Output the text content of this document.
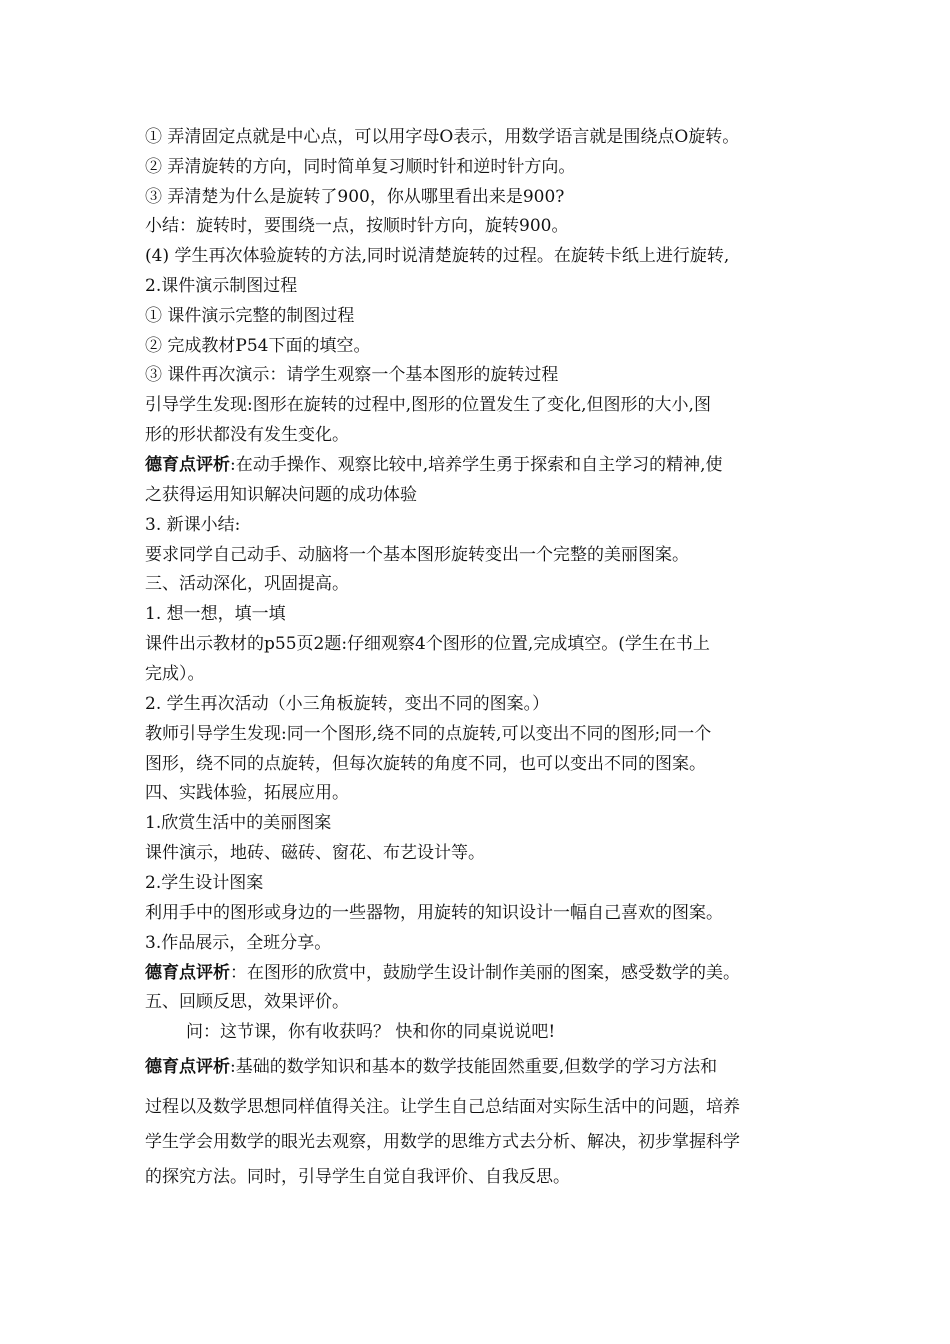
① 弄清固定点就是中心点，可以用字母O表示，用数学语言就是围绕点O旋转。
② 弄清旋转的方向，同时简单复习顺时针和逆时针方向。
③ 弄清楚为什么是旋转了900，你从哪里看出来是900?
小结：旋转时，要围绕一点，按顺时针方向，旋转900。
(4) 学生再次体验旋转的方法,同时说清楚旋转的过程。在旋转卡纸上进行旋转,
2.课件演示制图过程
① 课件演示完整的制图过程
② 完成教材P54下面的填空。
③ 课件再次演示：请学生观察一个基本图形的旋转过程
引导学生发现:图形在旋转的过程中,图形的位置发生了变化,但图形的大小,图
形的形状都没有发生变化。
德育点评析:在动手操作、观察比较中,培养学生勇于探索和自主学习的精神,使
之获得运用知识解决问题的成功体验
3. 新课小结:
要求同学自己动手、动脑将一个基本图形旋转变出一个完整的美丽图案。
三、活动深化，巩固提高。
1. 想一想，填一填
课件出示教材的p55页2题:仔细观察4个图形的位置,完成填空。(学生在书上
完成）。
2. 学生再次活动（小三角板旋转，变出不同的图案。）
教师引导学生发现:同一个图形,绕不同的点旋转,可以变出不同的图形;同一个
图形，绕不同的点旋转，但每次旋转的角度不同，也可以变出不同的图案。
四、实践体验，拓展应用。
1.欣赏生活中的美丽图案
课件演示，地砖、磁砖、窗花、布艺设计等。
2.学生设计图案
利用手中的图形或身边的一些器物，用旋转的知识设计一幅自己喜欢的图案。
3.作品展示，全班分享。
德育点评析：在图形的欣赏中，鼓励学生设计制作美丽的图案，感受数学的美。
五、回顾反思，效果评价。
问：这节课，你有收获吗？ 快和你的同桌说说吧!
德育点评析:基础的数学知识和基本的数学技能固然重要,但数学的学习方法和
过程以及数学思想同样值得关注。让学生自己总结面对实际生活中的问题，培养
学生学会用数学的眼光去观察，用数学的思维方式去分析、解决，初步掌握科学
的探究方法。同时，引导学生自觉自我评价、自我反思。
